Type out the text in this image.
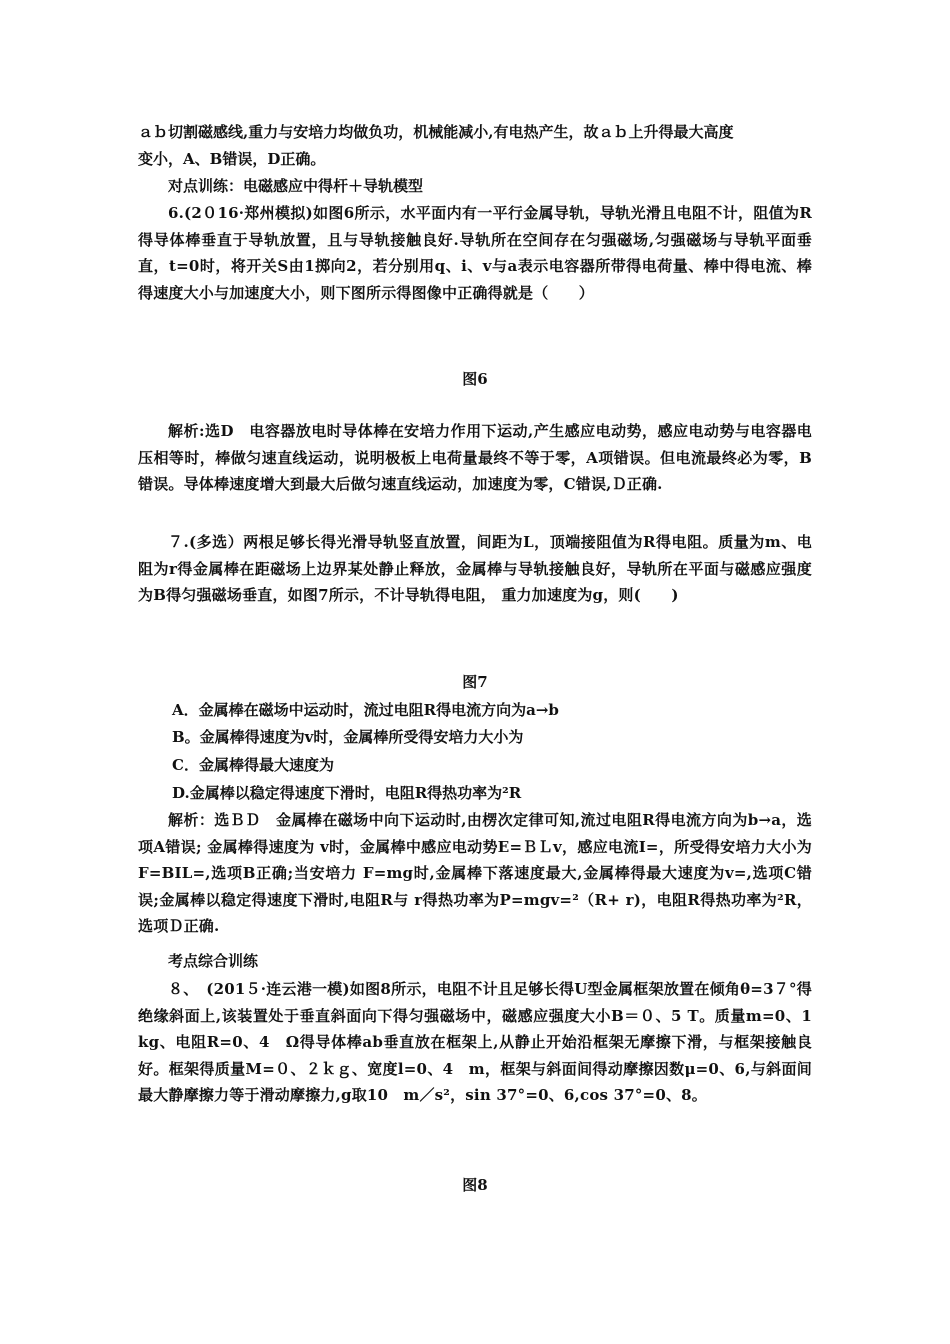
ａｂ切割磁感线,重力与安培力均做负功，机械能减小,有电热产生，故ａｂ上升得最大高度
变小，A、B错误，D正确。
对点训练：电磁感应中得杆＋导轨模型

6.(2０16·郑州模拟)如图6所示，水平面内有一平行金属导轨，导轨光滑且电阻不计，阻值为R得导体棒垂直于导轨放置，且与导轨接触良好.导轨所在空间存在匀强磁场,匀强磁场与导轨平面垂直，t=0时，将开关S由1掷向2，若分别用q、i、v与a表示电容器所带得电荷量、棒中得电流、棒得速度大小与加速度大小，则下图所示得图像中正确得就是（　　）

图6

解析:选D　电容器放电时导体棒在安培力作用下运动,产生感应电动势，感应电动势与电容器电压相等时，棒做匀速直线运动，说明极板上电荷量最终不等于零，A项错误。但电流最终必为零，B错误。导体棒速度增大到最大后做匀速直线运动，加速度为零，C错误,Ｄ正确.

７.(多选）两根足够长得光滑导轨竖直放置，间距为L，顶端接阻值为R得电阻。质量为m、电阻为r得金属棒在距磁场上边界某处静止释放，金属棒与导轨接触良好，导轨所在平面与磁感应强度为B得匀强磁场垂直，如图7所示，不计导轨得电阻， 重力加速度为g，则(　　)

图7
A．金属棒在磁场中运动时，流过电阻R得电流方向为a→b
B。金属棒得速度为v时，金属棒所受得安培力大小为
C．金属棒得最大速度为
D.金属棒以稳定得速度下滑时，电阻R得热功率为²R

解析：选ＢＤ　金属棒在磁场中向下运动时,由楞次定律可知,流过电阻R得电流方向为b→a，选项A错误; 金属棒得速度为 v时，金属棒中感应电动势E=ＢＬv，感应电流I=，所受得安培力大小为F=BIL=,选项B正确;当安培力 F=mg时,金属棒下落速度最大,金属棒得最大速度为v=,选项C错误;金属棒以稳定得速度下滑时,电阻R与 r得热功率为P=mgv=²（R+ r)，电阻R得热功率为²R，选项Ｄ正确.

考点综合训练

８、　(201５·连云港一模)如图8所示，电阻不计且足够长得U型金属框架放置在倾角θ=3７°得绝缘斜面上,该装置处于垂直斜面向下得匀强磁场中，磁感应强度大小B＝０、5 T。质量m=0、1 kg、电阻R=0、4　Ω得导体棒ab垂直放在框架上,从静止开始沿框架无摩擦下滑，与框架接触良好。框架得质量M=０、２ｋｇ、宽度l=0、4　m，框架与斜面间得动摩擦因数μ=0、6,与斜面间最大静摩擦力等于滑动摩擦力,g取10　m／s²，sin 37°=0、6,cos 37°=0、8。

图8
